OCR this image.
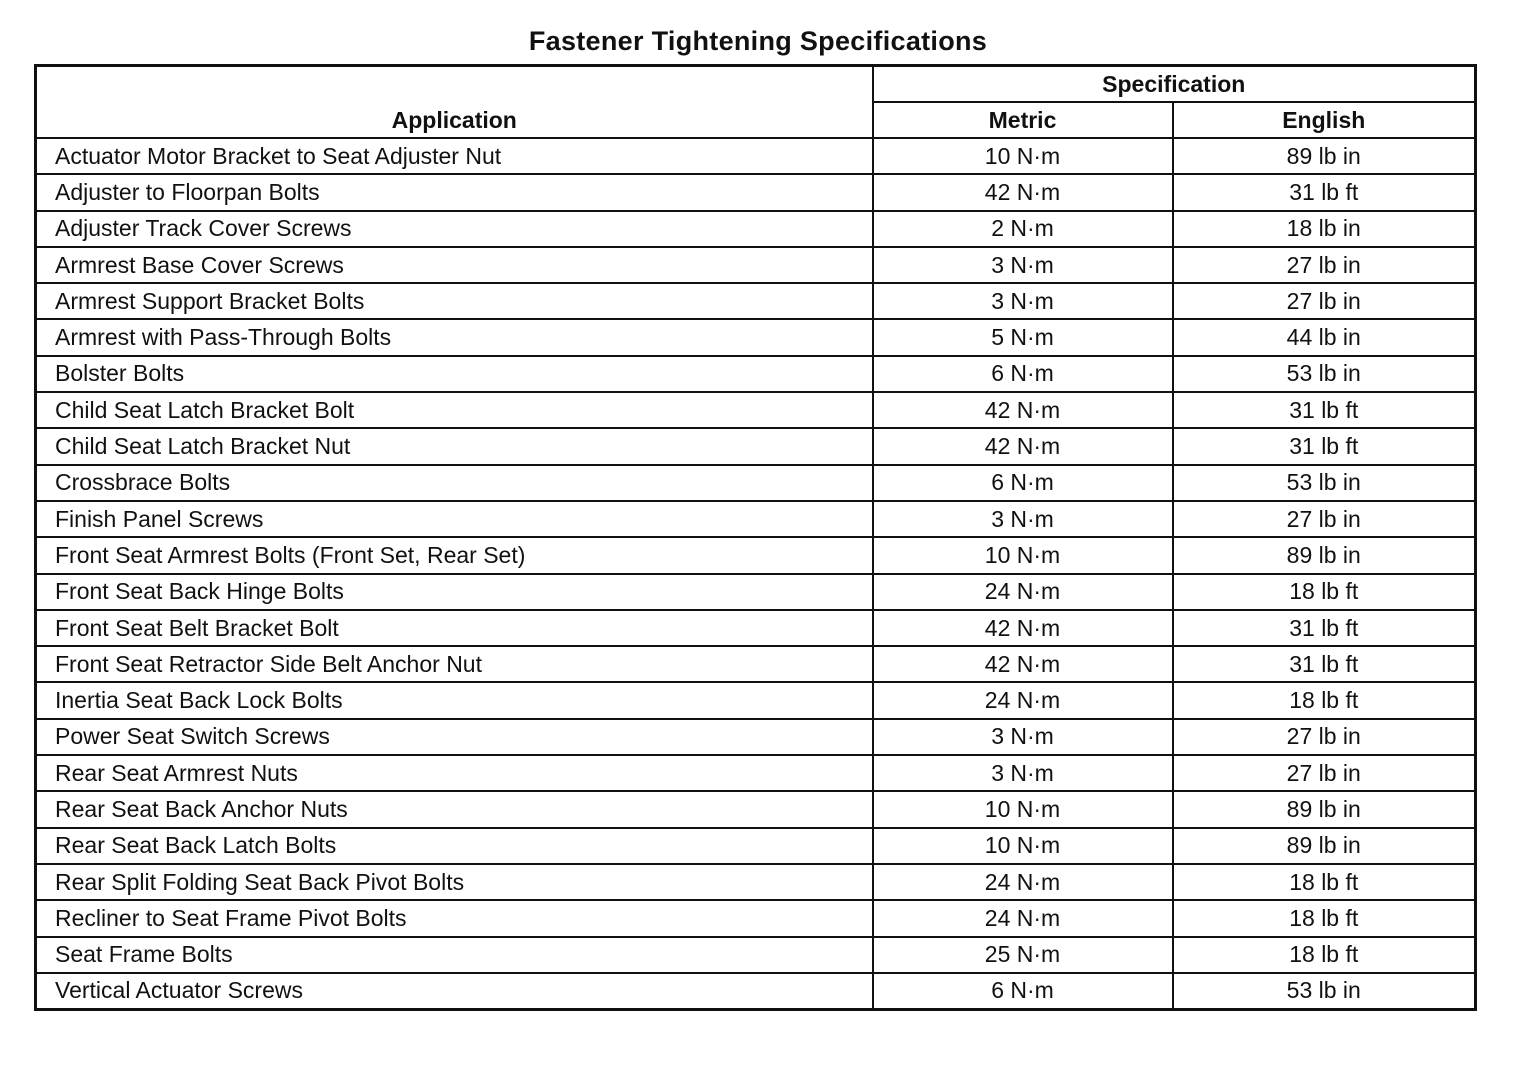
Fastener Tightening Specifications
Application	Specification	
	Metric	English
Actuator Motor Bracket to Seat Adjuster Nut	10 N·m	89 lb in
Adjuster to Floorpan Bolts	42 N·m	31 lb ft
Adjuster Track Cover Screws	2 N·m	18 lb in
Armrest Base Cover Screws	3 N·m	27 lb in
Armrest Support Bracket Bolts	3 N·m	27 lb in
Armrest with Pass-Through Bolts	5 N·m	44 lb in
Bolster Bolts	6 N·m	53 lb in
Child Seat Latch Bracket Bolt	42 N·m	31 lb ft
Child Seat Latch Bracket Nut	42 N·m	31 lb ft
Crossbrace Bolts	6 N·m	53 lb in
Finish Panel Screws	3 N·m	27 lb in
Front Seat Armrest Bolts (Front Set, Rear Set)	10 N·m	89 lb in
Front Seat Back Hinge Bolts	24 N·m	18 lb ft
Front Seat Belt Bracket Bolt	42 N·m	31 lb ft
Front Seat Retractor Side Belt Anchor Nut	42 N·m	31 lb ft
Inertia Seat Back Lock Bolts	24 N·m	18 lb ft
Power Seat Switch Screws	3 N·m	27 lb in
Rear Seat Armrest Nuts	3 N·m	27 lb in
Rear Seat Back Anchor Nuts	10 N·m	89 lb in
Rear Seat Back Latch Bolts	10 N·m	89 lb in
Rear Split Folding Seat Back Pivot Bolts	24 N·m	18 lb ft
Recliner to Seat Frame Pivot Bolts	24 N·m	18 lb ft
Seat Frame Bolts	25 N·m	18 lb ft
Vertical Actuator Screws	6 N·m	53 lb in
